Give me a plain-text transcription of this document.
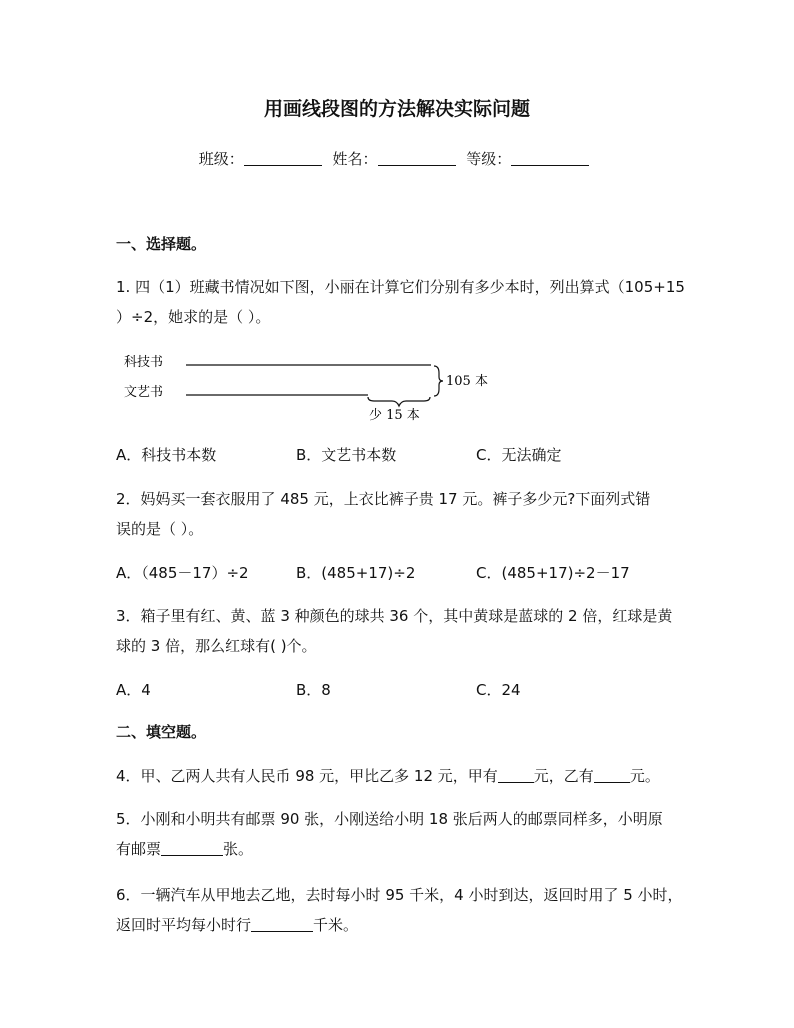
用画线段图的方法解决实际问题
班级：	姓名：	等级：
一、选择题。
1. 四（1）班藏书情况如下图，小丽在计算它们分别有多少本时，列出算式（105+15
）÷2，她求的是（ ）。
科技书
文艺书
105 本
少 15 本
A．科技书本数	B．文艺书本数	C．无法确定
2．妈妈买一套衣服用了 485 元，上衣比裤子贵 17 元。裤子多少元?下面列式错
误的是（ ）。
A．（485－17）÷2	B．(485+17)÷2	C．(485+17)÷2－17
3．箱子里有红、黄、蓝 3 种颜色的球共 36 个，其中黄球是蓝球的 2 倍，红球是黄
球的 3 倍，那么红球有( )个。
A．4	B．8	C．24
二、填空题。
4．甲、乙两人共有人民币 98 元，甲比乙多 12 元，甲有 元，乙有 元。
5．小刚和小明共有邮票 90 张，小刚送给小明 18 张后两人的邮票同样多，小明原
有邮票	张。
6．一辆汽车从甲地去乙地，去时每小时 95 千米，4 小时到达，返回时用了 5 小时，
返回时平均每小时行	千米。
